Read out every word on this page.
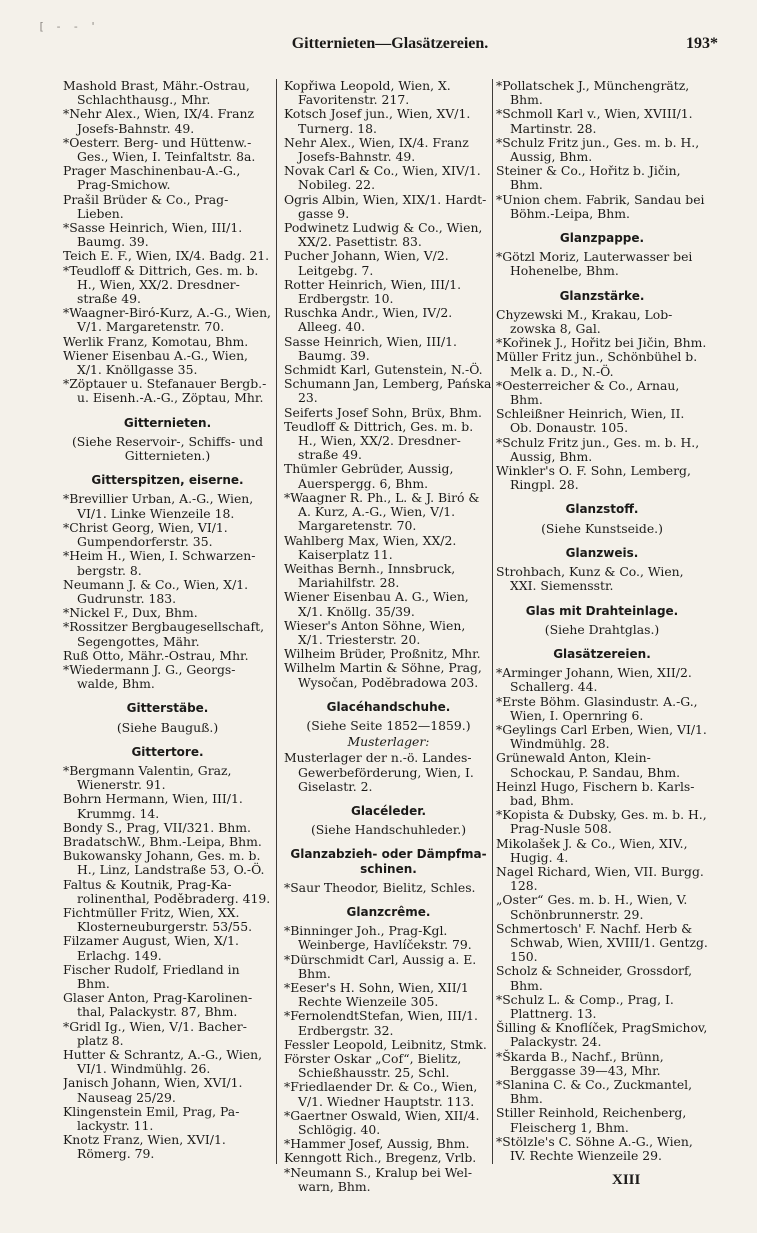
[ - - '
Gitternieten—Glasätzereien.	193*

Mashold Brast, Mähr.-Ostrau, Schlachthausg., Mhr.

*Nehr Alex., Wien, IX/4. Franz Josefs-Bahnstr. 49.

*Oesterr. Berg- und Hüttenw.-Ges., Wien, I. Teinfaltstr. 8a.

Prager Maschinenbau-A.-G., Prag-Smichow.

Prašil Brüder & Co., Prag-Lieben.

*Sasse Heinrich, Wien, III/1. Baumg. 39.

Teich E. F., Wien, IX/4. Badg. 21.

*Teudloff & Dittrich, Ges. m. b. H., Wien, XX/2. Dresdnerstraße 49.

*Waagner-Biró-Kurz, A.-G., Wien, V/1. Margaretenstr. 70.

Werlik Franz, Komotau, Bhm.

Wiener Eisenbau A.-G., Wien, X/1. Knöllgasse 35.

*Zöptauer u. Stefanauer Bergb.- u. Eisenh.-A.-G., Zöptau, Mhr.

Gitternieten.

(Siehe Reservoir-, Schiffs- und Gitternieten.)

Gitterspitzen, eiserne.

*Brevillier Urban, A.-G., Wien, VI/1. Linke Wienzeile 18.

*Christ Georg, Wien, VI/1. Gumpendorferstr. 35.

*Heim H., Wien, I. Schwarzenbergstr. 8.

Neumann J. & Co., Wien, X/1. Gudrunstr. 183.

*Nickel F., Dux, Bhm.

*Rossitzer Bergbaugesellschaft, Segengottes, Mähr.

Ruß Otto, Mähr.-Ostrau, Mhr.

*Wiedermann J. G., Georgswalde, Bhm.

Gitterstäbe.

(Siehe Bauguß.)

Gittertore.

*Bergmann Valentin, Graz, Wienerstr. 91.

Bohrn Hermann, Wien, III/1. Krummg. 14.

Bondy S., Prag, VII/321. Bhm.

BradatschW., Bhm.-Leipa, Bhm.

Bukowansky Johann, Ges. m. b. H., Linz, Landstraße 53, O.-Ö.

Faltus & Koutnik, Prag-Karolinenthal, Poděbraderg. 419.

Fichtmüller Fritz, Wien, XX. Klosterneuburgerstr. 53/55.

Filzamer August, Wien, X/1. Erlachg. 149.

Fischer Rudolf, Friedland in Bhm.

Glaser Anton, Prag-Karolinenthal, Palackystr. 87, Bhm.

*Gridl Ig., Wien, V/1. Bacherplatz 8.

Hutter & Schrantz, A.-G., Wien, VI/1. Windmühlg. 26.

Janisch Johann, Wien, XVI/1. Nauseag 25/29.

Klingenstein Emil, Prag, Palackystr. 11.

Knotz Franz, Wien, XVI/1. Römerg. 79.

Kopřiwa Leopold, Wien, X. Favoritenstr. 217.

Kotsch Josef jun., Wien, XV/1. Turnerg. 18.

Nehr Alex., Wien, IX/4. Franz Josefs-Bahnstr. 49.

Novak Carl & Co., Wien, XIV/1. Nobileg. 22.

Ogris Albin, Wien, XIX/1. Hardtgasse 9.

Podwinetz Ludwig & Co., Wien, XX/2. Pasettistr. 83.

Pucher Johann, Wien, V/2. Leitgebg. 7.

Rotter Heinrich, Wien, III/1. Erdbergstr. 10.

Ruschka Andr., Wien, IV/2. Alleeg. 40.

Sasse Heinrich, Wien, III/1. Baumg. 39.

Schmidt Karl, Gutenstein, N.-Ö.

Schumann Jan, Lemberg, Pańska 23.

Seiferts Josef Sohn, Brüx, Bhm.

Teudloff & Dittrich, Ges. m. b. H., Wien, XX/2. Dresdnerstraße 49.

Thümler Gebrüder, Aussig, Auerspergg. 6, Bhm.

*Waagner R. Ph., L. & J. Biró & A. Kurz, A.-G., Wien, V/1. Margaretenstr. 70.

Wahlberg Max, Wien, XX/2. Kaiserplatz 11.

Weithas Bernh., Innsbruck, Mariahilfstr. 28.

Wiener Eisenbau A. G., Wien, X/1. Knöllg. 35/39.

Wieser's Anton Söhne, Wien, X/1. Triesterstr. 20.

Wilheim Brüder, Proßnitz, Mhr.

Wilhelm Martin & Söhne, Prag, Wysočan, Podĕbradowa 203.

Glacéhandschuhe.

(Siehe Seite 1852—1859.)

Musterlager:

Musterlager der n.-ö. LandesGewerbeförderung, Wien, I. Giselastr. 2.

Glacéleder.

(Siehe Handschuhleder.)

Glanzabzieh- oder Dämpfmaschinen.

*Saur Theodor, Bielitz, Schles.

Glanzcrême.

*Binninger Joh., Prag-Kgl. Weinberge, Havlíčekstr. 79.

*Dürschmidt Carl, Aussig a. E. Bhm.

*Eeser's H. Sohn, Wien, XII/1 Rechte Wienzeile 305.

*FernolendtStefan, Wien, III/1. Erdbergstr. 32.

Fessler Leopold, Leibnitz, Stmk.

Förster Oskar „Cof“, Bielitz, Schießhausstr. 25, Schl.

*Friedlaender Dr. & Co., Wien, V/1. Wiedner Hauptstr. 113.

*Gaertner Oswald, Wien, XII/4. Schlögig. 40.

*Hammer Josef, Aussig, Bhm.

Kenngott Rich., Bregenz, Vrlb.

*Neumann S., Kralup bei Welwarn, Bhm.

*Pollatschek J., Münchengrätz, Bhm.

*Schmoll Karl v., Wien, XVIII/1. Martinstr. 28.

*Schulz Fritz jun., Ges. m. b. H., Aussig, Bhm.

Steiner & Co., Hořitz b. Jičin, Bhm.

*Union chem. Fabrik, Sandau bei Böhm.-Leipa, Bhm.

Glanzpappe.

*Götzl Moriz, Lauterwasser bei Hohenelbe, Bhm.

Glanzstärke.

Chyzewski M., Krakau, Lobzowska 8, Gal.

*Kořinek J., Hořitz bei Jičin, Bhm.

Müller Fritz jun., Schönbühel b. Melk a. D., N.-Ö.

*Oesterreicher & Co., Arnau, Bhm.

Schleißner Heinrich, Wien, II. Ob. Donaustr. 105.

*Schulz Fritz jun., Ges. m. b. H., Aussig, Bhm.

Winkler's O. F. Sohn, Lemberg, Ringpl. 28.

Glanzstoff.

(Siehe Kunstseide.)

Glanzweis.

Strohbach, Kunz & Co., Wien, XXI. Siemensstr.

Glas mit Drahteinlage.

(Siehe Drahtglas.)

Glasätzereien.

*Arminger Johann, Wien, XII/2. Schallerg. 44.

*Erste Böhm. Glasindustr. A.-G., Wien, I. Opernring 6.

*Geylings Carl Erben, Wien, VI/1. Windmühlg. 28.

Grünewald Anton, KleinSchockau, P. Sandau, Bhm.

Heinzl Hugo, Fischern b. Karlsbad, Bhm.

*Kopista & Dubsky, Ges. m. b. H., Prag-Nusle 508.

Mikolašek J. & Co., Wien, XIV., Hugig. 4.

Nagel Richard, Wien, VII. Burgg. 128.

„Oster“ Ges. m. b. H., Wien, V. Schönbrunnerstr. 29.

Schmertosch' F. Nachf. Herb & Schwab, Wien, XVIII/1. Gentzg. 150.

Scholz & Schneider, Grossdorf, Bhm.

*Schulz L. & Comp., Prag, I. Plattnerg. 13.

Šilling & Knoflíček, PragSmichov, Palackystr. 24.

*Škarda B., Nachf., Brünn, Berggasse 39—43, Mhr.

*Slanina C. & Co., Zuckmantel, Bhm.

Stiller Reinhold, Reichenberg, Fleischerg 1, Bhm.

*Stölzle's C. Söhne A.-G., Wien, IV. Rechte Wienzeile 29.

XIII
